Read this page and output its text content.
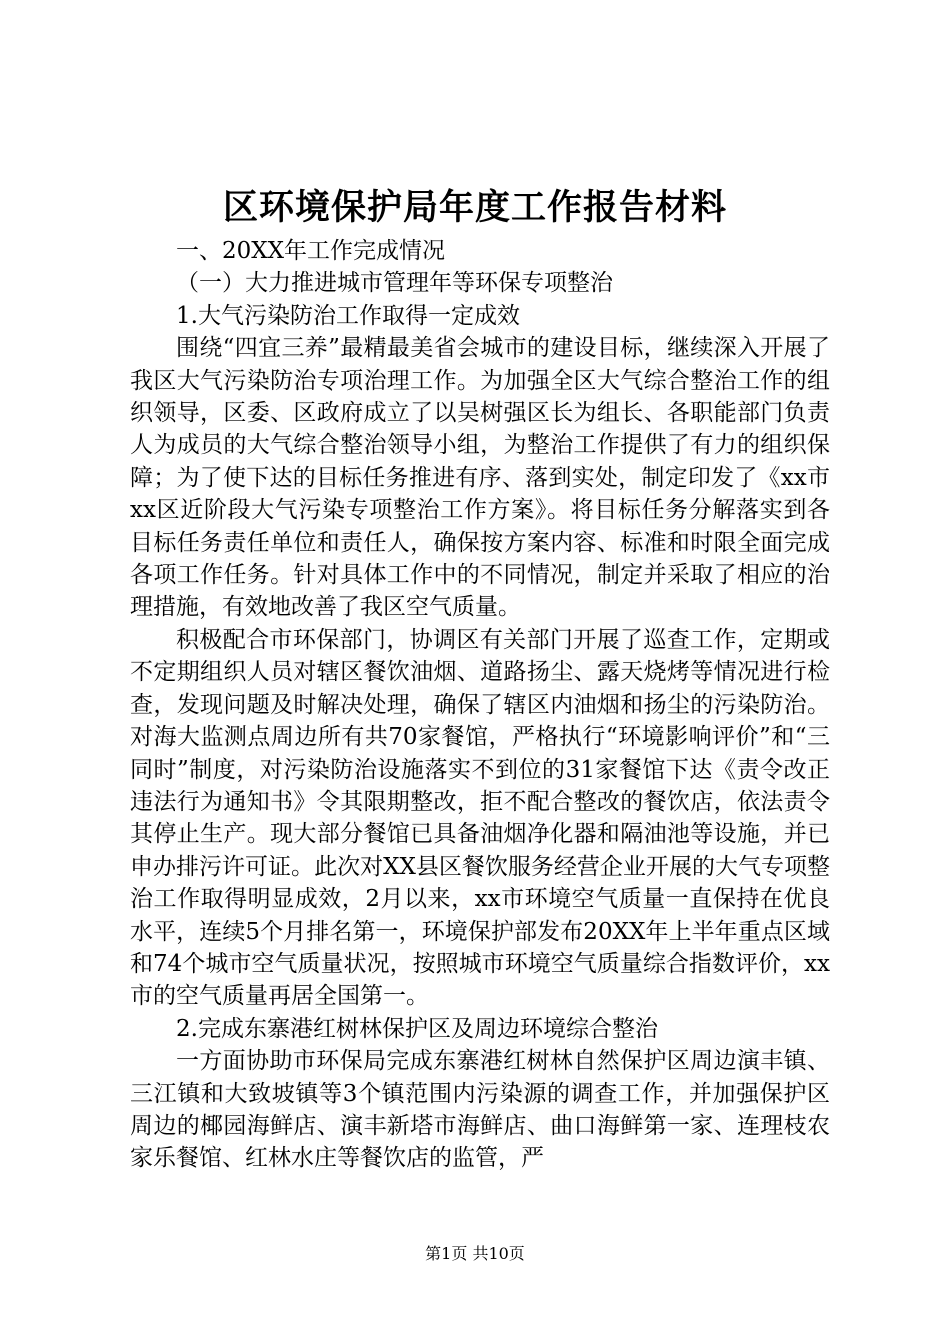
区环境保护局年度工作报告材料

一、20XX年工作完成情况

（一）大力推进城市管理年等环保专项整治

1.大气污染防治工作取得一定成效

围绕“四宜三养”最精最美省会城市的建设目标，继续深入开展了我区大气污染防治专项治理工作。为加强全区大气综合整治工作的组织领导，区委、区政府成立了以吴树强区长为组长、各职能部门负责人为成员的大气综合整治领导小组，为整治工作提供了有力的组织保障；为了使下达的目标任务推进有序、落到实处，制定印发了《xx市xx区近阶段大气污染专项整治工作方案》。将目标任务分解落实到各目标任务责任单位和责任人，确保按方案内容、标准和时限全面完成各项工作任务。针对具体工作中的不同情况，制定并采取了相应的治理措施，有效地改善了我区空气质量。

积极配合市环保部门，协调区有关部门开展了巡查工作，定期或不定期组织人员对辖区餐饮油烟、道路扬尘、露天烧烤等情况进行检查，发现问题及时解决处理，确保了辖区内油烟和扬尘的污染防治。对海大监测点周边所有共70家餐馆，严格执行“环境影响评价”和“三同时”制度，对污染防治设施落实不到位的31家餐馆下达《责令改正违法行为通知书》令其限期整改，拒不配合整改的餐饮店，依法责令其停止生产。现大部分餐馆已具备油烟净化器和隔油池等设施，并已申办排污许可证。此次对XX县区餐饮服务经营企业开展的大气专项整治工作取得明显成效，2月以来，xx市环境空气质量一直保持在优良水平，连续5个月排名第一，环境保护部发布20XX年上半年重点区域和74个城市空气质量状况，按照城市环境空气质量综合指数评价，xx市的空气质量再居全国第一。

2.完成东寨港红树林保护区及周边环境综合整治

一方面协助市环保局完成东寨港红树林自然保护区周边演丰镇、三江镇和大致坡镇等3个镇范围内污染源的调查工作，并加强保护区周边的椰园海鲜店、演丰新塔市海鲜店、曲口海鲜第一家、连理枝农家乐餐馆、红林水庄等餐饮店的监管，严

第1页 共10页
